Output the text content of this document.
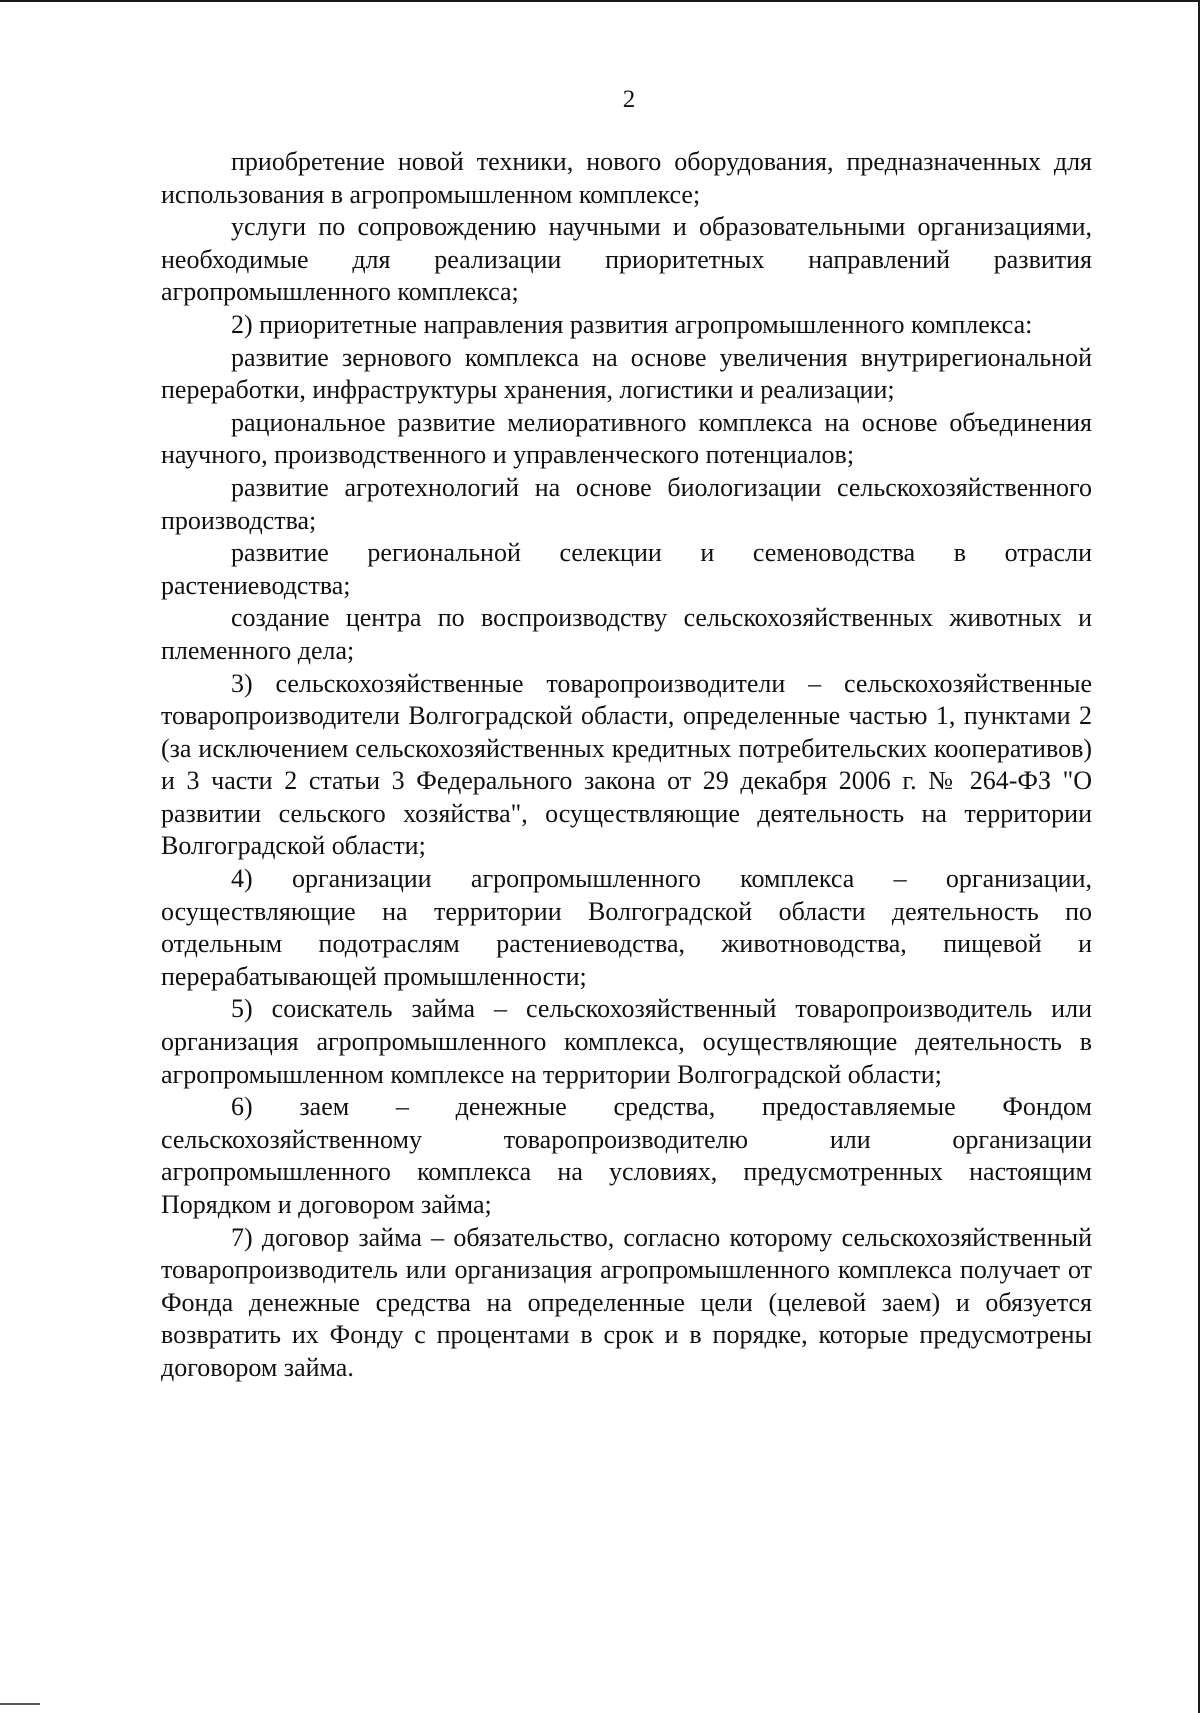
2

приобретение новой техники, нового оборудования, предназначенных для использования в агропромышленном комплексе;

услуги по сопровождению научными и образовательными организациями, необходимые для реализации приоритетных направлений развития агропромышленного комплекса;

2) приоритетные направления развития агропромышленного комплекса:

развитие зернового комплекса на основе увеличения внутрирегиональной переработки, инфраструктуры хранения, логистики и реализации;

рациональное развитие мелиоративного комплекса на основе объединения научного, производственного и управленческого потенциалов;

развитие агротехнологий на основе биологизации сельскохозяйственного производства;

развитие региональной селекции и семеноводства в отрасли растениеводства;

создание центра по воспроизводству сельскохозяйственных животных и племенного дела;

3) сельскохозяйственные товаропроизводители – сельскохозяйственные товаропроизводители Волгоградской области, определенные частью 1, пунктами 2 (за исключением сельскохозяйственных кредитных потребительских кооперативов) и 3 части 2 статьи 3 Федерального закона от 29 декабря 2006 г. № 264-ФЗ "О развитии сельского хозяйства", осуществляющие деятельность на территории Волгоградской области;

4) организации агропромышленного комплекса – организации, осуществляющие на территории Волгоградской области деятельность по отдельным подотраслям растениеводства, животноводства, пищевой и перерабатывающей промышленности;

5) соискатель займа – сельскохозяйственный товаропроизводитель или организация агропромышленного комплекса, осуществляющие деятельность в агропромышленном комплексе на территории Волгоградской области;

6) заем – денежные средства, предоставляемые Фондом сельскохозяйственному товаропроизводителю или организации агропромышленного комплекса на условиях, предусмотренных настоящим Порядком и договором займа;

7) договор займа – обязательство, согласно которому сельскохозяйственный товаропроизводитель или организация агропромышленного комплекса получает от Фонда денежные средства на определенные цели (целевой заем) и обязуется возвратить их Фонду с процентами в срок и в порядке, которые предусмотрены договором займа.
